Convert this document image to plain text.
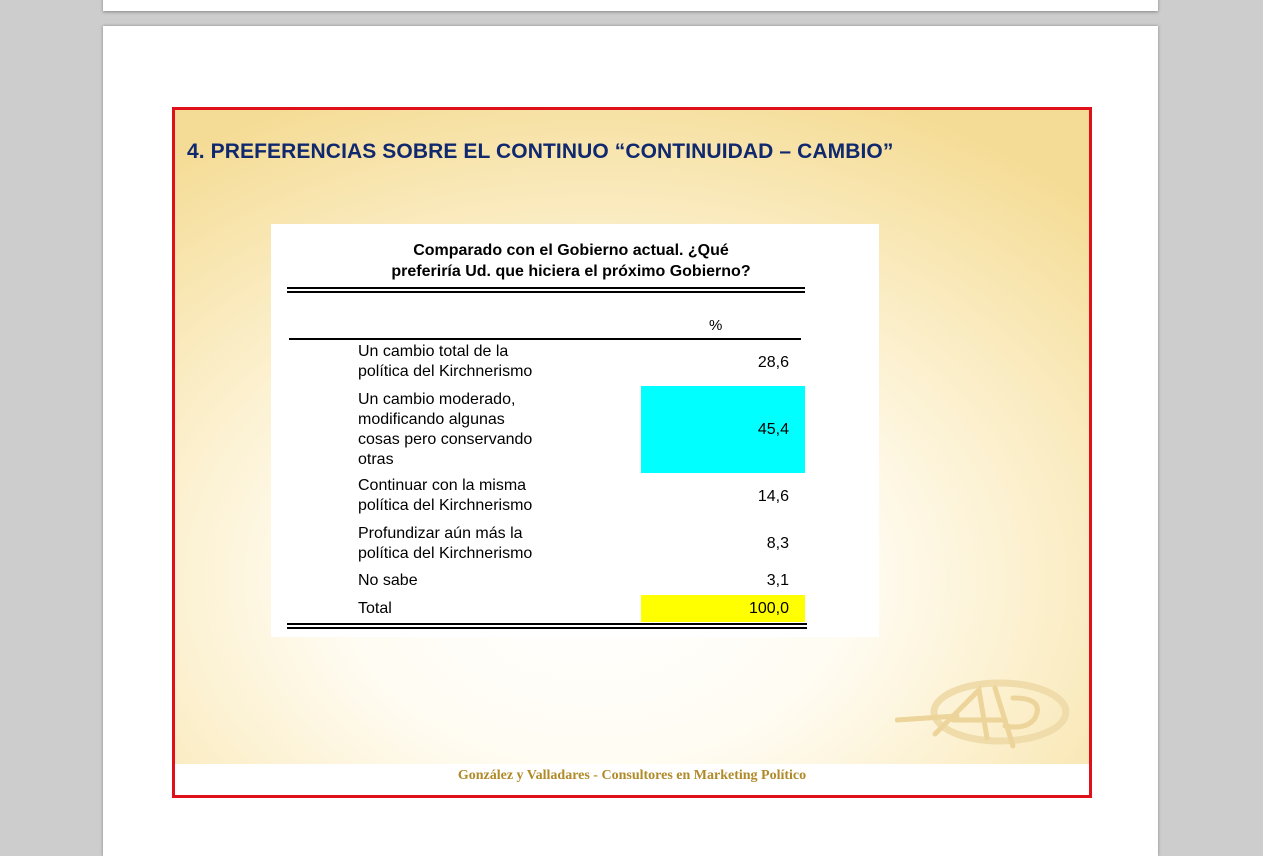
4. PREFERENCIAS SOBRE EL CONTINUO “CONTINUIDAD – CAMBIO”
Comparado con el Gobierno actual. ¿Qué
preferiría Ud. que hiciera el próximo Gobierno?
%
Un cambio total de la
política del Kirchnerismo
28,6
Un cambio moderado,
modificando algunas
cosas pero conservando
otras
45,4
Continuar con la misma
política del Kirchnerismo
14,6
Profundizar aún más la
política del Kirchnerismo
8,3
No sabe	3,1
Total	100,0
González y Valladares - Consultores en Marketing Político
